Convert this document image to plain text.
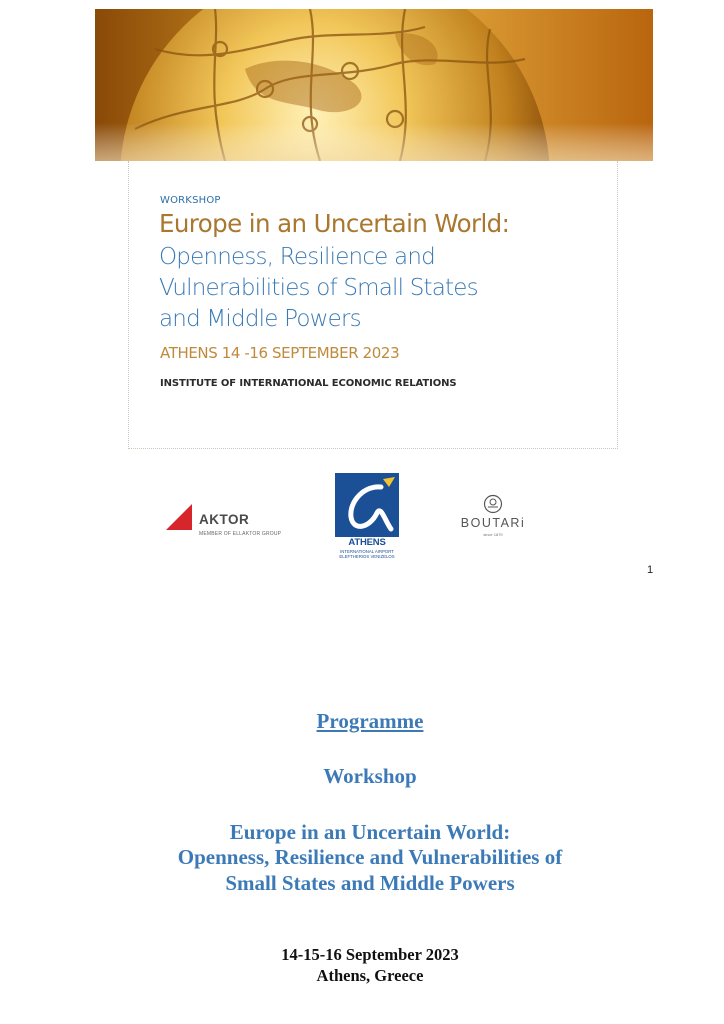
WORKSHOP
Europe in an Uncertain World:
Openness, Resilience and
Vulnerabilities of Small States
and Middle Powers
ATHENS 14 -16 SEPTEMBER 2023
INSTITUTE OF INTERNATIONAL ECONOMIC RELATIONS
AKTOR
MEMBER OF ELLAKTOR GROUP
ATHENS
INTERNATIONAL AIRPORT
ELEFTHERIOS VENIZELOS
BOUTARi
since 1879
1
Programme
Workshop
Europe in an Uncertain World:
Openness, Resilience and Vulnerabilities of
Small States and Middle Powers
14-15-16 September 2023
Athens, Greece
